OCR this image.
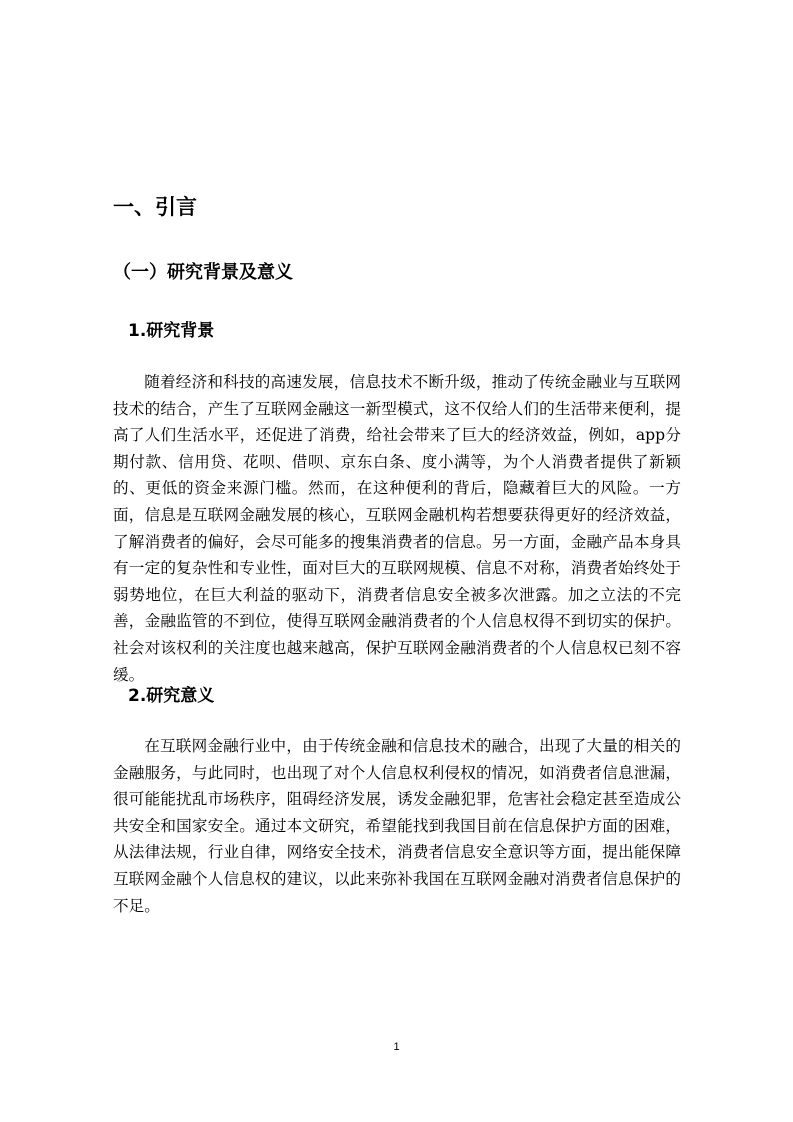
一、引言
（一）研究背景及意义
1.研究背景

随着经济和科技的高速发展，信息技术不断升级，推动了传统金融业与互联网技术的结合，产生了互联网金融这一新型模式，这不仅给人们的生活带来便利，提高了人们生活水平，还促进了消费，给社会带来了巨大的经济效益，例如，app分期付款、信用贷、花呗、借呗、京东白条、度小满等，为个人消费者提供了新颖的、更低的资金来源门槛。然而，在这种便利的背后，隐藏着巨大的风险。一方面，信息是互联网金融发展的核心，互联网金融机构若想要获得更好的经济效益，了解消费者的偏好，会尽可能多的搜集消费者的信息。另一方面，金融产品本身具有一定的复杂性和专业性，面对巨大的互联网规模、信息不对称，消费者始终处于弱势地位，在巨大利益的驱动下，消费者信息安全被多次泄露。加之立法的不完善，金融监管的不到位，使得互联网金融消费者的个人信息权得不到切实的保护。社会对该权利的关注度也越来越高，保护互联网金融消费者的个人信息权已刻不容缓。

2.研究意义

在互联网金融行业中，由于传统金融和信息技术的融合，出现了大量的相关的金融服务，与此同时，也出现了对个人信息权利侵权的情况，如消费者信息泄漏，很可能能扰乱市场秩序，阻碍经济发展，诱发金融犯罪，危害社会稳定甚至造成公共安全和国家安全。通过本文研究，希望能找到我国目前在信息保护方面的困难，从法律法规，行业自律，网络安全技术，消费者信息安全意识等方面，提出能保障互联网金融个人信息权的建议，以此来弥补我国在互联网金融对消费者信息保护的不足。

1
